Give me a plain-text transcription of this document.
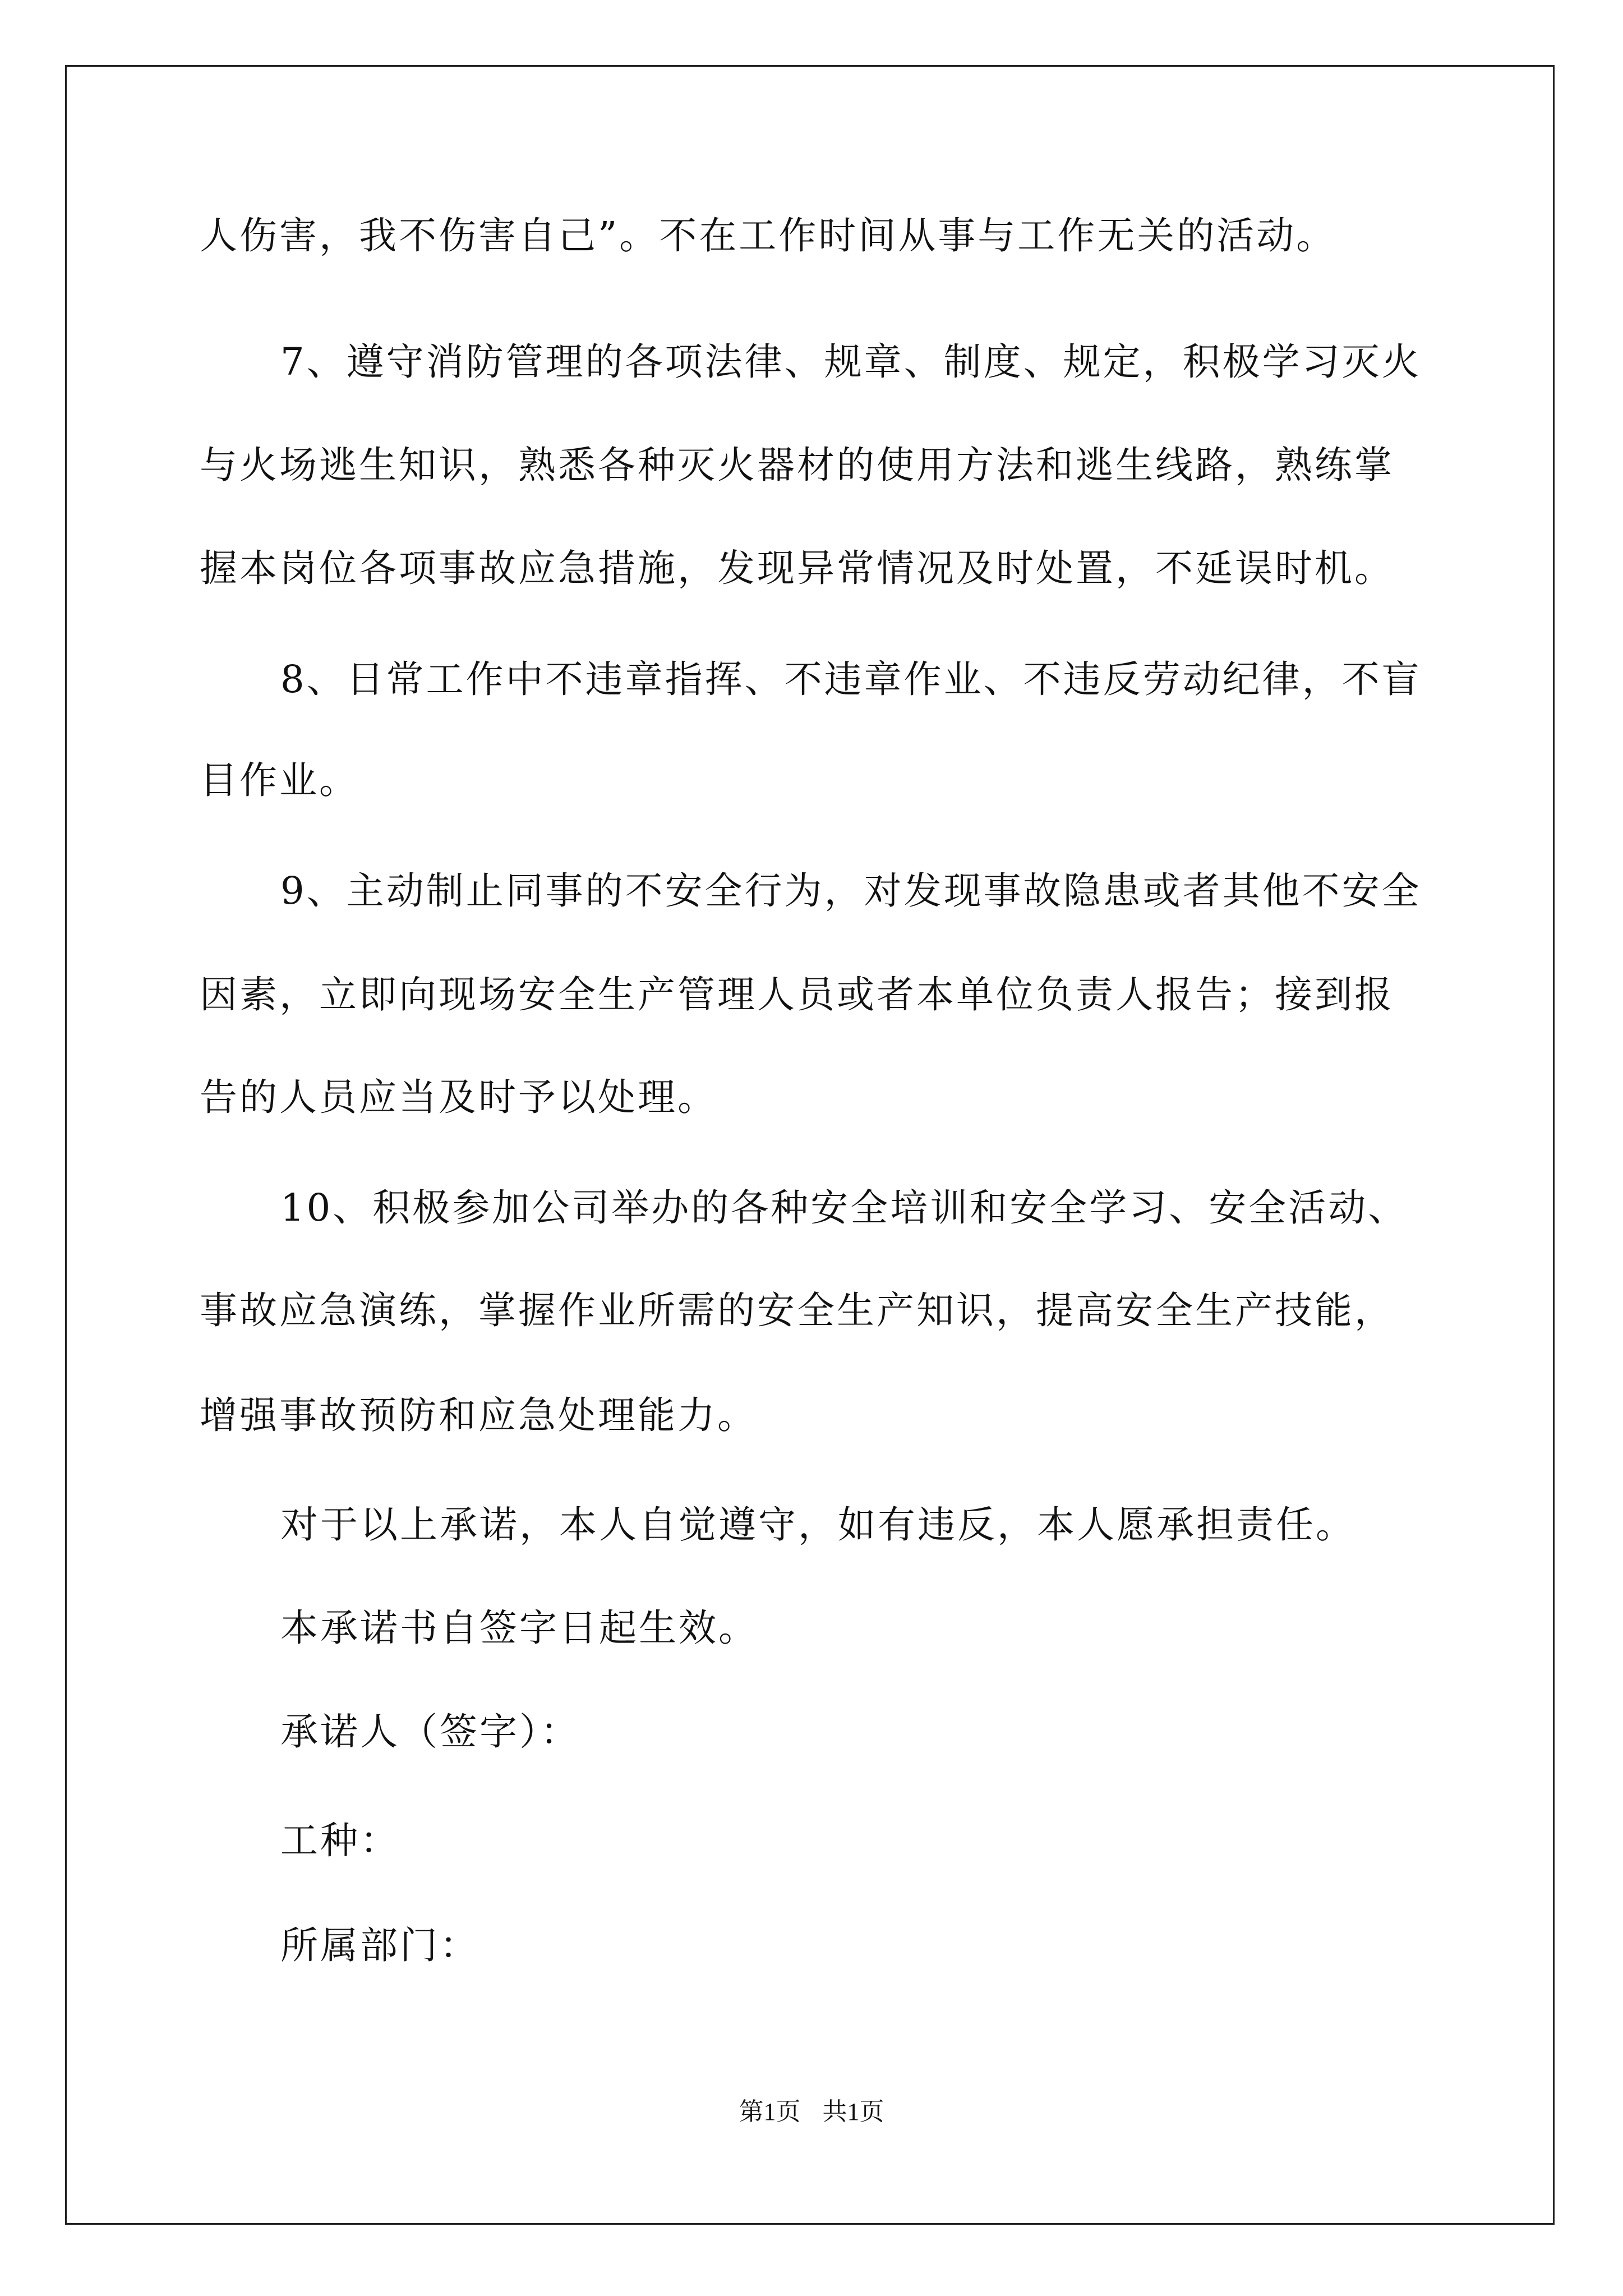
人伤害，我不伤害自己”。不在工作时间从事与工作无关的活动。
7、遵守消防管理的各项法律、规章、制度、规定，积极学习灭火
与火场逃生知识，熟悉各种灭火器材的使用方法和逃生线路，熟练掌
握本岗位各项事故应急措施，发现异常情况及时处置，不延误时机。
8、日常工作中不违章指挥、不违章作业、不违反劳动纪律，不盲
目作业。
9、主动制止同事的不安全行为，对发现事故隐患或者其他不安全
因素，立即向现场安全生产管理人员或者本单位负责人报告；接到报
告的人员应当及时予以处理。
10、积极参加公司举办的各种安全培训和安全学习、安全活动、
事故应急演练，掌握作业所需的安全生产知识，提高安全生产技能，
增强事故预防和应急处理能力。
对于以上承诺，本人自觉遵守，如有违反，本人愿承担责任。
本承诺书自签字日起生效。
承诺人（签字）：
工种：
所属部门：
第1页 共1页
